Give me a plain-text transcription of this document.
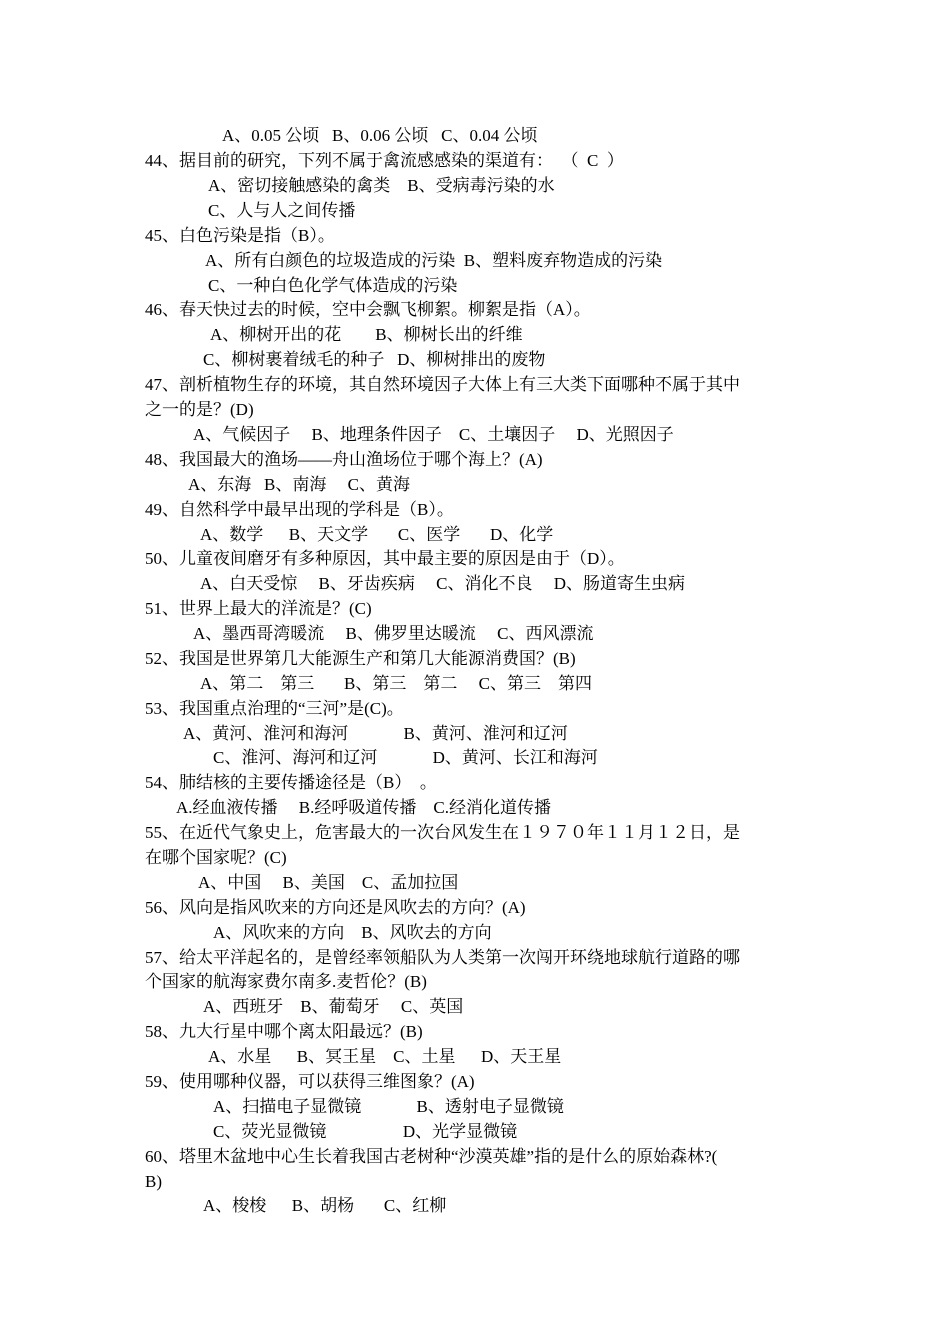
A、0.05 公顷   B、0.06 公顷   C、0.04 公顷
44、据目前的研究，下列不属于禽流感感染的渠道有：  （  C  ）
A、密切接触感染的禽类    B、受病毒污染的水
C、人与人之间传播
45、白色污染是指（B）。
A、所有白颜色的垃圾造成的污染  B、塑料废弃物造成的污染
C、一种白色化学气体造成的污染
46、春天快过去的时候，空中会飘飞柳絮。柳絮是指（A）。
A、柳树开出的花        B、柳树长出的纤维
C、柳树裹着绒毛的种子   D、柳树排出的废物
47、剖析植物生存的环境，其自然环境因子大体上有三大类下面哪种不属于其中
之一的是？(D)
A、气候因子     B、地理条件因子    C、土壤因子     D、光照因子
48、我国最大的渔场——舟山渔场位于哪个海上？(A)
A、东海   B、南海     C、黄海
49、自然科学中最早出现的学科是（B）。
A、数学      B、天文学       C、医学       D、化学
50、儿童夜间磨牙有多种原因，其中最主要的原因是由于（D）。
A、白天受惊     B、牙齿疾病     C、消化不良     D、肠道寄生虫病
51、世界上最大的洋流是？(C)
A、墨西哥湾暖流     B、佛罗里达暖流     C、西风漂流
52、我国是世界第几大能源生产和第几大能源消费国？(B)
A、第二    第三       B、第三    第二     C、第三    第四
53、我国重点治理的“三河”是(C)。
A、黄河、淮河和海河             B、黄河、淮河和辽河
C、淮河、海河和辽河             D、黄河、长江和海河
54、肺结核的主要传播途径是（B）  。
A.经血液传播     B.经呼吸道传播    C.经消化道传播
55、在近代气象史上，危害最大的一次台风发生在１９７０年１１月１２日，是
在哪个国家呢？(C)
A、中国     B、美国    C、孟加拉国
56、风向是指风吹来的方向还是风吹去的方向？(A)
A、风吹来的方向    B、风吹去的方向
57、给太平洋起名的，是曾经率领船队为人类第一次闯开环绕地球航行道路的哪
个国家的航海家费尔南多.麦哲伦？(B)
A、西班牙    B、葡萄牙     C、英国
58、九大行星中哪个离太阳最远？(B)
A、水星      B、冥王星    C、土星      D、天王星
59、使用哪种仪器，可以获得三维图象？(A)
A、扫描电子显微镜             B、透射电子显微镜
C、荧光显微镜                  D、光学显微镜
60、塔里木盆地中心生长着我国古老树种“沙漠英雄”指的是什么的原始森林?(
B)
A、梭梭      B、胡杨       C、红柳
